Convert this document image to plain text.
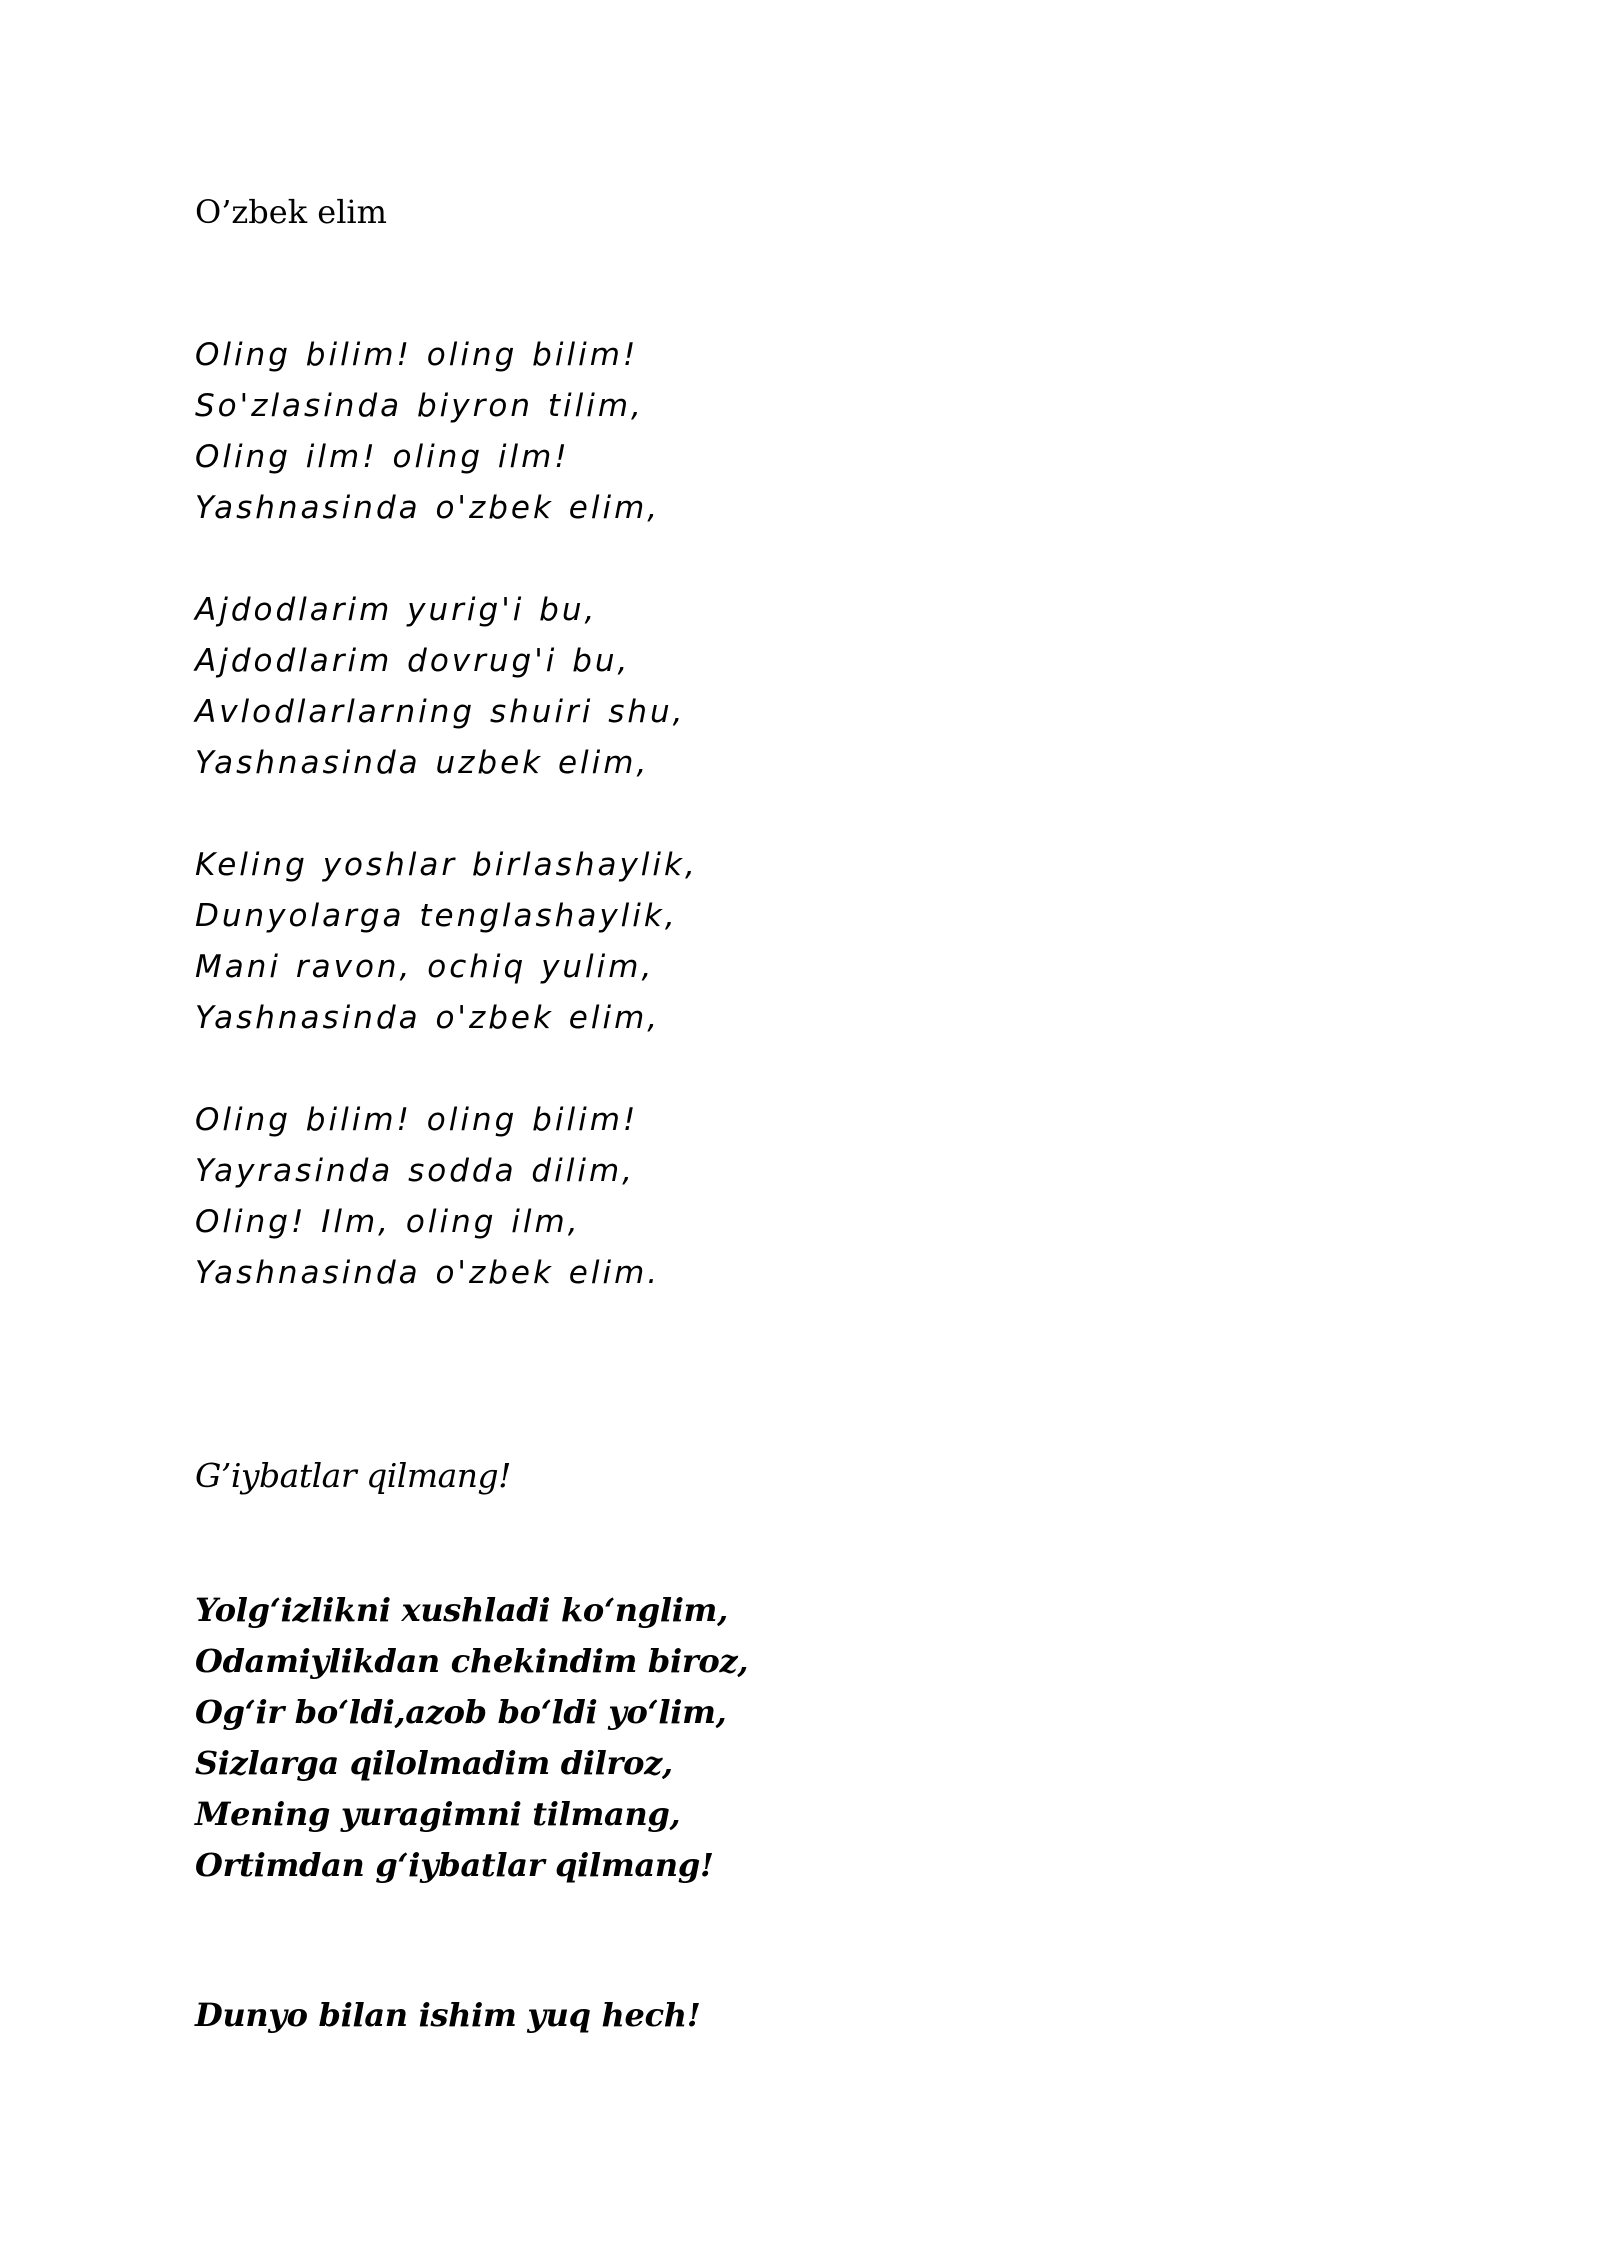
O’zbek elim
Oling bilim! oling bilim!
So'zlasinda biyron tilim,
Oling ilm! oling ilm!
Yashnasinda o'zbek elim,
Ajdodlarim yurig'i bu,
Ajdodlarim dovrug'i bu,
Avlodlarlarning shuiri shu,
Yashnasinda uzbek elim,
Keling yoshlar birlashaylik,
Dunyolarga tenglashaylik,
Mani ravon, ochiq yulim,
Yashnasinda o'zbek elim,
Oling bilim! oling bilim!
Yayrasinda sodda dilim,
Oling! Ilm, oling ilm,
Yasℎnasinda o'zbek elim.
G’iybatlar qilmang!
Yolgʻizlikni xushladi koʻnglim,
Odamiylikdan chekindim biroz,
Ogʻir boʻldi,azob boʻldi yoʻlim,
Sizlarga qilolmadim dilroz,
Mening yuragimni tilmang,
Ortimdan gʻiybatlar qilmang!
Dunyo bilan ishim yuq hech!
